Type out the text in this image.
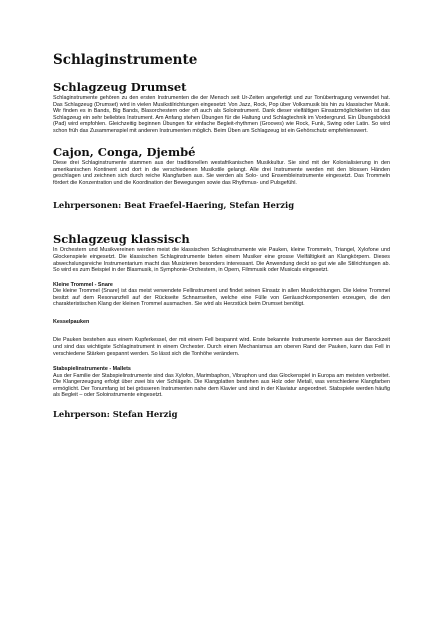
Schlaginstrumente
Schlagzeug Drumset

Schlaginstrumente gehören zu den ersten Instrumenten die der Mensch seit Ur-Zeiten angefertigt und zur Tonübertragung verwendet hat. Das Schlagzeug (Drumset) wird in vielen Musikstilrichtungen eingesetzt: Von Jazz, Rock, Pop über Volksmusik bis hin zu klassischer Musik. Wir finden es in Bands, Big Bands, Blasorchestern oder oft auch als Soloinstrument. Dank dieser vielfältigen Einsatzmöglichkeiten ist das Schlagzeug ein sehr beliebtes Instrument. Am Anfang stehen Übungen für die Haltung und Schlagtechnik im Vordergrund. Ein Übungsböckli (Pad) wird empfohlen. Gleichzeitig beginnen Übungen für einfache Begleit-rhythmen (Grooves) wie Rock, Funk, Swing oder Latin. So wird schon früh das Zusammenspiel mit anderen Instrumenten möglich. Beim Üben am Schlagzeug ist ein Gehörschutz empfehlenswert.

Cajon, Conga, Djembé

Diese drei Schlaginstrumente stammen aus der traditionellen westafrikanischen Musikkultur. Sie sind mit der Kolonialisierung in den amerikanischen Kontinent und dort in die verschiedenen Musikstile gelangt. Alle drei Instrumente werden mit den blossen Händen geschlagen und zeichnen sich durch reiche Klangfarben aus. Sie werden als Solo- und Ensembleinstrumente eingesetzt. Das Trommeln fördert die Konzentration und die Koordination der Bewegungen sowie das Rhythmus- und Pulsgefühl.

Lehrpersonen: Beat Fraefel-Haering, Stefan Herzig
Schlagzeug klassisch

In Orchestern und Musikvereinen werden meist die klassischen Schlaginstrumente wie Pauken, kleine Trommeln, Triangel, Xylofone und Glockenspiele eingesetzt. Die klassischen Schlaginstrumente bieten einem Musiker eine grosse Vielfältigkeit an Klangkörpern. Dieses abwechslungsreiche Instrumentarium macht das Musizieren besonders interessant. Die Anwendung deckt so gut wie alle Stilrichtungen ab. So wird es zum Beispiel in der Blasmusik, in Symphonie-Orchestern, in Opern, Filmmusik oder Musicals eingesetzt.

Kleine Trommel - Snare

Die kleine Trommel (Snare) ist das meist verwendete Fellinstrument und findet seinen Einsatz in allen Musikrichtungen. Die kleine Trommel besitzt auf dem Resonanzfell auf der Rückseite Schnarrseiten, welche eine Fülle von Geräuschkomponenten erzeugen, die den charakteristischen Klang der kleinen Trommel ausmachen. Sie wird als Herzstück beim Drumset benötigt.

Kesselpauken

Die Pauken bestehen aus einem Kupferkessel, der mit einem Fell bespannt wird. Erste bekannte Instrumente kommen aus der Barockzeit und sind das wichtigste Schlaginstrument in einem Orchester. Durch einen Mechanismus am oberen Rand der Pauken, kann das Fell in verschiedene Stärken gespannt werden. So lässt sich die Tonhöhe verändern.

Stabspielinstrumente - Mallets

Aus der Familie der Stabspielinstrumente sind das Xylofon, Marimbaphon, Vibraphon und das Glockenspiel in Europa am meisten verbreitet. Die Klangerzeugung erfolgt über zwei bis vier Schlägeln. Die Klangplatten bestehen aus Holz oder Metall, was verschiedene Klangfarben ermöglicht. Der Tonumfang ist bei grösseren Instrumenten nahe dem Klavier und sind in der Klaviatur angeordnet. Stabspiele werden häufig als Begleit – oder Soloinstrumente eingesetzt.

Lehrperson: Stefan Herzig
